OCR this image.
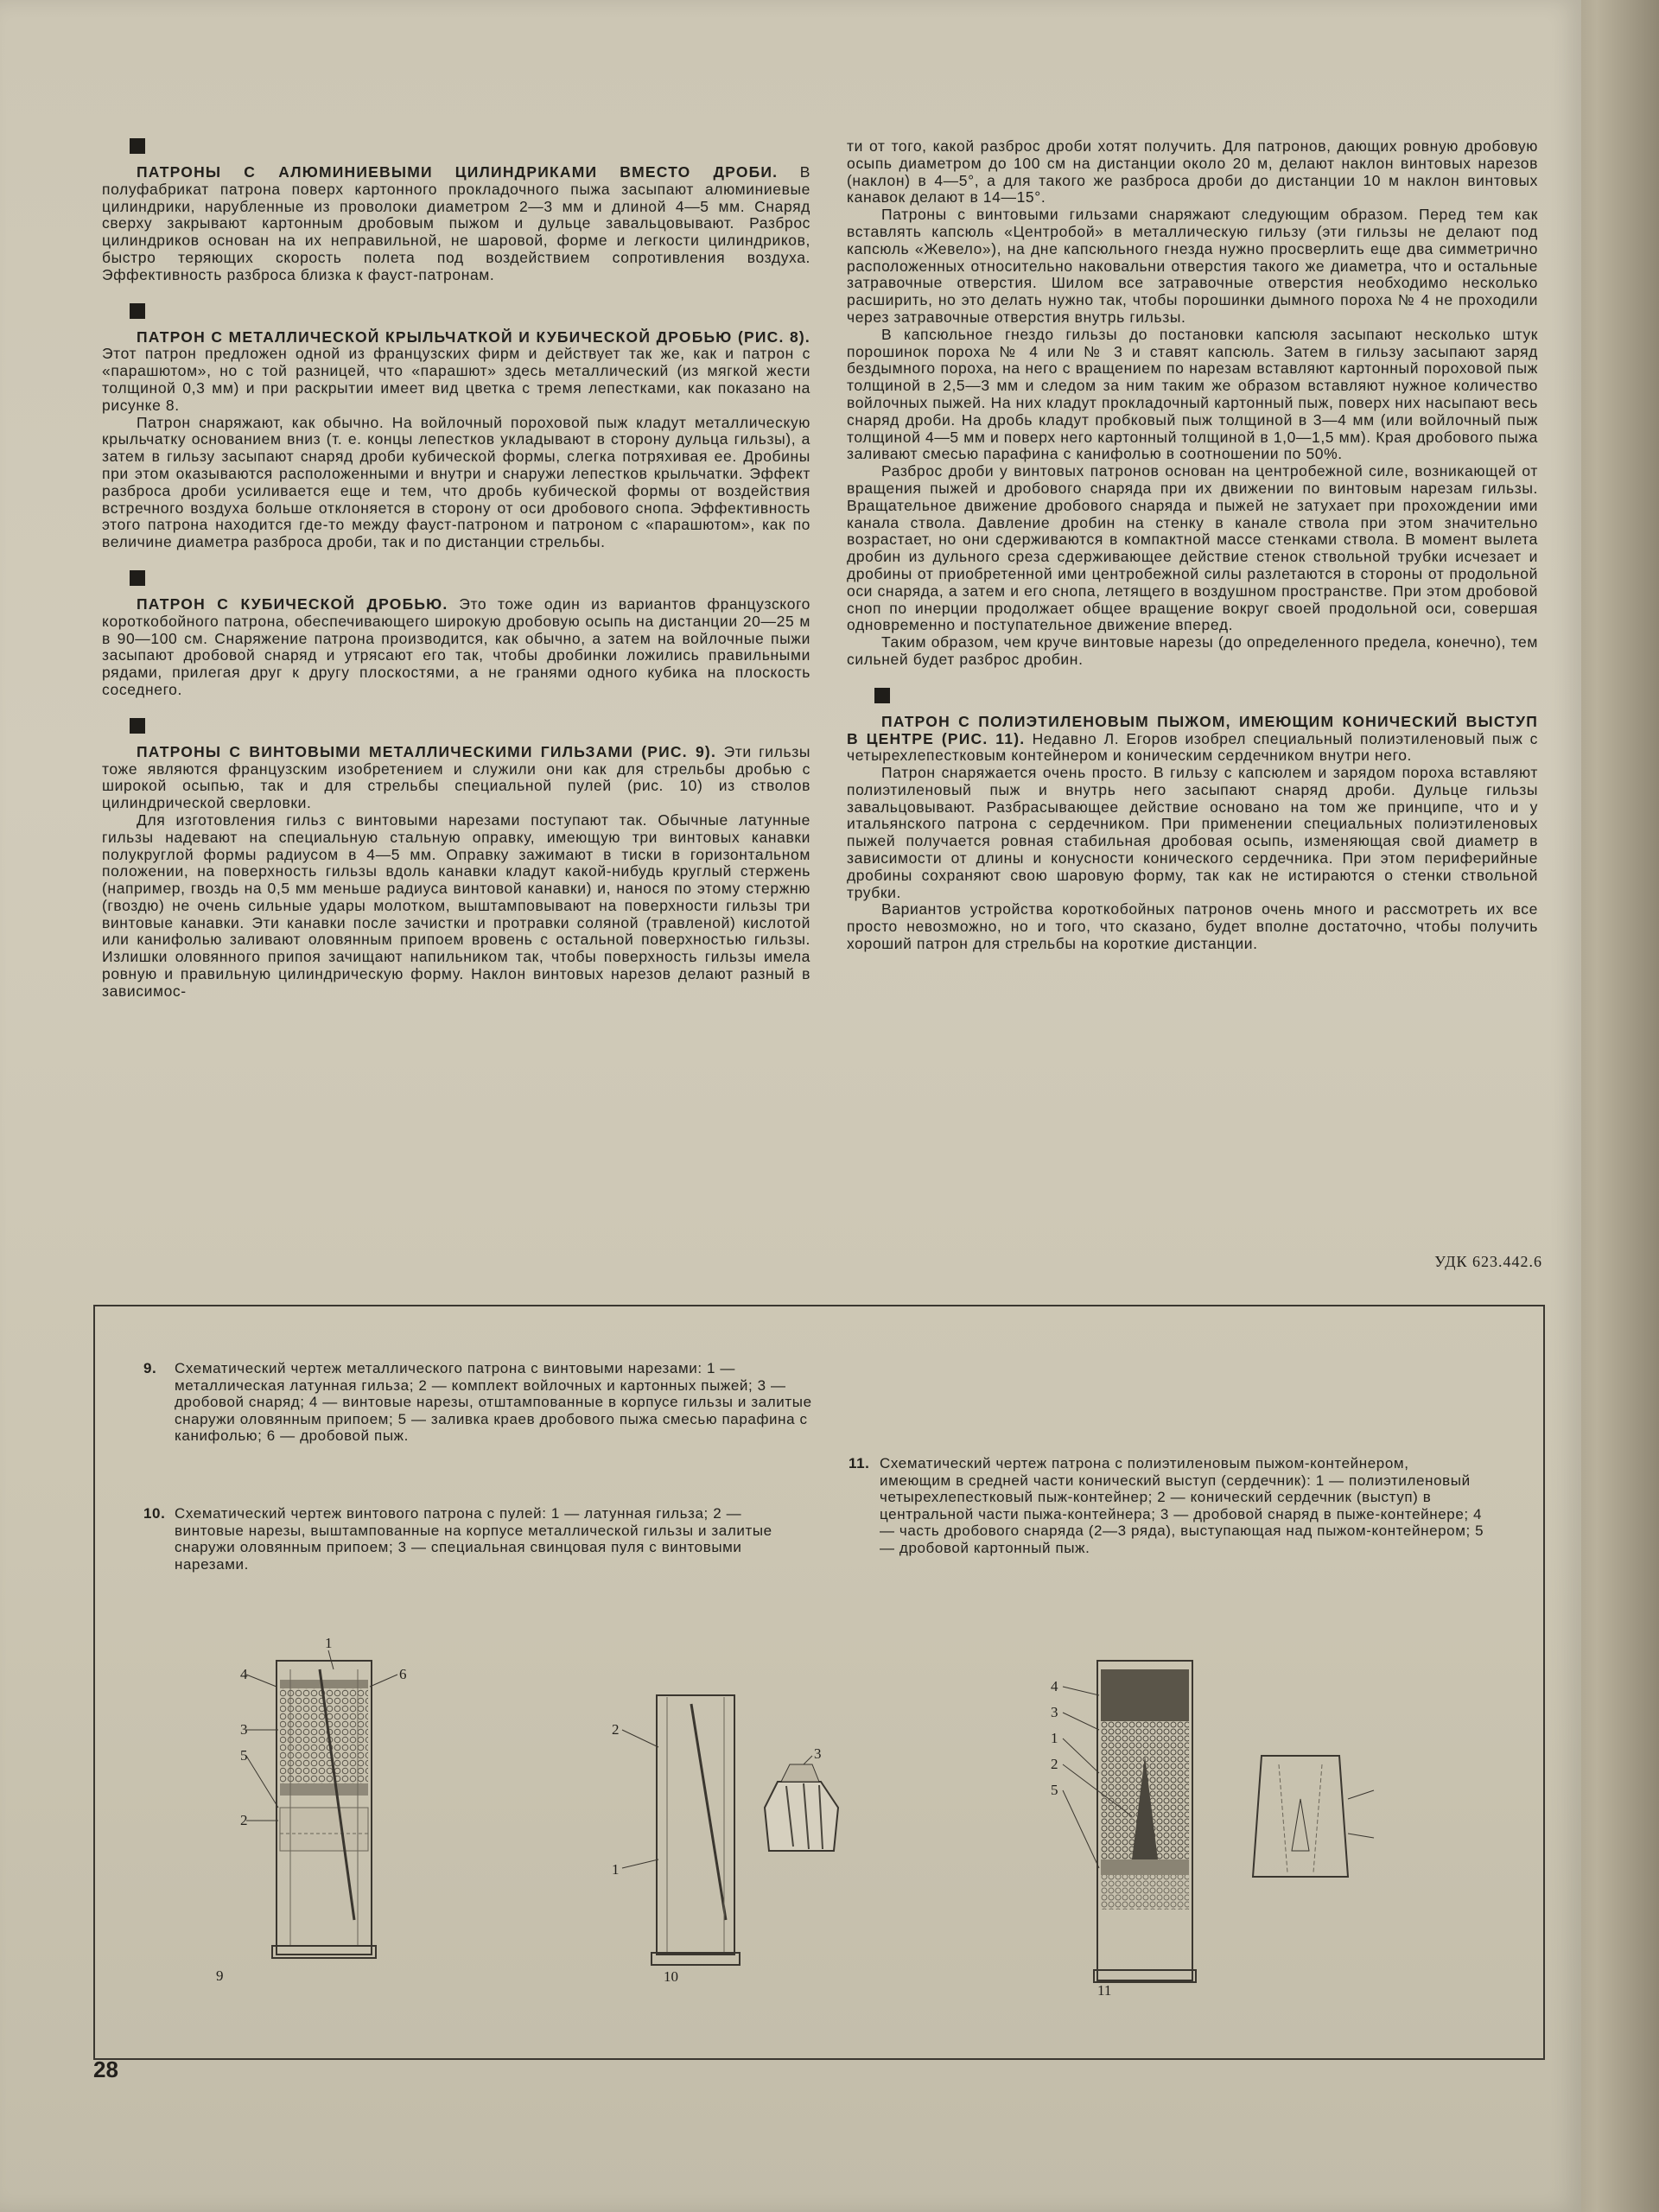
ПАТРОНЫ С АЛЮМИНИЕВЫМИ ЦИЛИНДРИКАМИ ВМЕСТО ДРОБИ. В полуфабрикат патрона поверх картонного прокладочного пыжа засыпают алюминиевые цилиндрики, нарубленные из проволоки диаметром 2—3 мм и длиной 4—5 мм. Снаряд сверху закрывают картонным дробовым пыжом и дульце завальцовывают. Разброс цилиндриков основан на их неправильной, не шаровой, форме и легкости цилиндриков, быстро теряющих скорость полета под воздействием сопротивления воздуха. Эффективность разброса близка к фауст-патронам.

ПАТРОН С МЕТАЛЛИЧЕСКОЙ КРЫЛЬЧАТКОЙ И КУБИЧЕСКОЙ ДРОБЬЮ (РИС. 8). Этот патрон предложен одной из французских фирм и действует так же, как и патрон с «парашютом», но с той разницей, что «парашют» здесь металлический (из мягкой жести толщиной 0,3 мм) и при раскрытии имеет вид цветка с тремя лепестками, как показано на рисунке 8.

Патрон снаряжают, как обычно. На войлочный пороховой пыж кладут металлическую крыльчатку основанием вниз (т. е. концы лепестков укладывают в сторону дульца гильзы), а затем в гильзу засыпают снаряд дроби кубической формы, слегка потряхивая ее. Дробины при этом оказываются расположенными и внутри и снаружи лепестков крыльчатки. Эффект разброса дроби усиливается еще и тем, что дробь кубической формы от воздействия встречного воздуха больше отклоняется в сторону от оси дробового снопа. Эффективность этого патрона находится где-то между фауст-патроном и патроном с «парашютом», как по величине диаметра разброса дроби, так и по дистанции стрельбы.

ПАТРОН С КУБИЧЕСКОЙ ДРОБЬЮ. Это тоже один из вариантов французского короткобойного патрона, обеспечивающего широкую дробовую осыпь на дистанции 20—25 м в 90—100 см. Снаряжение патрона производится, как обычно, а затем на войлочные пыжи засыпают дробовой снаряд и утрясают его так, чтобы дробинки ложились правильными рядами, прилегая друг к другу плоскостями, а не гранями одного кубика на плоскость соседнего.

ПАТРОНЫ С ВИНТОВЫМИ МЕТАЛЛИЧЕСКИМИ ГИЛЬЗАМИ (РИС. 9). Эти гильзы тоже являются французским изобретением и служили они как для стрельбы дробью с широкой осыпью, так и для стрельбы специальной пулей (рис. 10) из стволов цилиндрической сверловки.

Для изготовления гильз с винтовыми нарезами поступают так. Обычные латунные гильзы надевают на специальную стальную оправку, имеющую три винтовых канавки полукруглой формы радиусом в 4—5 мм. Оправку зажимают в тиски в горизонтальном положении, на поверхность гильзы вдоль канавки кладут какой-нибудь круглый стержень (например, гвоздь на 0,5 мм меньше радиуса винтовой канавки) и, нанося по этому стержню (гвоздю) не очень сильные удары молотком, выштамповывают на поверхности гильзы три винтовые канавки. Эти канавки после зачистки и протравки соляной (травленой) кислотой или канифолью заливают оловянным припоем вровень с остальной поверхностью гильзы. Излишки оловянного припоя зачищают напильником так, чтобы поверхность гильзы имела ровную и правильную цилиндрическую форму. Наклон винтовых нарезов делают разный в зависимос-

ти от того, какой разброс дроби хотят получить. Для патронов, дающих ровную дробовую осыпь диаметром до 100 см на дистанции около 20 м, делают наклон винтовых нарезов (наклон) в 4—5°, а для такого же разброса дроби до дистанции 10 м наклон винтовых канавок делают в 14—15°.

Патроны с винтовыми гильзами снаряжают следующим образом. Перед тем как вставлять капсюль «Центробой» в металлическую гильзу (эти гильзы не делают под капсюль «Жевело»), на дне капсюльного гнезда нужно просверлить еще два симметрично расположенных относительно наковальни отверстия такого же диаметра, что и остальные затравочные отверстия. Шилом все затравочные отверстия необходимо несколько расширить, но это делать нужно так, чтобы порошинки дымного пороха № 4 не проходили через затравочные отверстия внутрь гильзы.

В капсюльное гнездо гильзы до постановки капсюля засыпают несколько штук порошинок пороха № 4 или № 3 и ставят капсюль. Затем в гильзу засыпают заряд бездымного пороха, на него с вращением по нарезам вставляют картонный пороховой пыж толщиной в 2,5—3 мм и следом за ним таким же образом вставляют нужное количество войлочных пыжей. На них кладут прокладочный картонный пыж, поверх них насыпают весь снаряд дроби. На дробь кладут пробковый пыж толщиной в 3—4 мм (или войлочный пыж толщиной 4—5 мм и поверх него картонный толщиной в 1,0—1,5 мм). Края дробового пыжа заливают смесью парафина с канифолью в соотношении по 50%.

Разброс дроби у винтовых патронов основан на центробежной силе, возникающей от вращения пыжей и дробового снаряда при их движении по винтовым нарезам гильзы. Вращательное движение дробового снаряда и пыжей не затухает при прохождении ими канала ствола. Давление дробин на стенку в канале ствола при этом значительно возрастает, но они сдерживаются в компактной массе стенками ствола. В момент вылета дробин из дульного среза сдерживающее действие стенок ствольной трубки исчезает и дробины от приобретенной ими центробежной силы разлетаются в стороны от продольной оси снаряда, а затем и его снопа, летящего в воздушном пространстве. При этом дробовой сноп по инерции продолжает общее вращение вокруг своей продольной оси, совершая одновременно и поступательное движение вперед.

Таким образом, чем круче винтовые нарезы (до определенного предела, конечно), тем сильней будет разброс дробин.

ПАТРОН С ПОЛИЭТИЛЕНОВЫМ ПЫЖОМ, ИМЕЮЩИМ КОНИЧЕСКИЙ ВЫСТУП В ЦЕНТРЕ (РИС. 11). Недавно Л. Егоров изобрел специальный полиэтиленовый пыж с четырехлепестковым контейнером и коническим сердечником внутри него.

Патрон снаряжается очень просто. В гильзу с капсюлем и зарядом пороха вставляют полиэтиленовый пыж и внутрь него засыпают снаряд дроби. Дульце гильзы завальцовывают. Разбрасывающее действие основано на том же принципе, что и у итальянского патрона с сердечником. При применении специальных полиэтиленовых пыжей получается ровная стабильная дробовая осыпь, изменяющая свой диаметр в зависимости от длины и конусности конического сердечника. При этом периферийные дробины сохраняют свою шаровую форму, так как не истираются о стенки ствольной трубки.

Вариантов устройства короткобойных патронов очень много и рассмотреть их все просто невозможно, но и того, что сказано, будет вполне достаточно, чтобы получить хороший патрон для стрельбы на короткие дистанции.

УДК 623.442.6
9. Схематический чертеж металлического патрона с винтовыми нарезами: 1 — металлическая латунная гильза; 2 — комплект войлочных и картонных пыжей; 3 — дробовой снаряд; 4 — винтовые нарезы, отштампованные в корпусе гильзы и залитые снаружи оловянным припоем; 5 — заливка краев дробового пыжа смесью парафина с канифолью; 6 — дробовой пыж.
10. Схематический чертеж винтового патрона с пулей: 1 — латунная гильза; 2 — винтовые нарезы, выштампованные на корпусе металлической гильзы и залитые снаружи оловянным припоем; 3 — специальная свинцовая пуля с винтовыми нарезами.
11. Схематический чертеж патрона с полиэтиленовым пыжом-контейнером, имеющим в средней части конический выступ (сердечник): 1 — полиэтиленовый четырехлепестковый пыж-контейнер; 2 — конический сердечник (выступ) в центральной части пыжа-контейнера; 3 — дробовой снаряд в пыже-контейнере; 4 — часть дробового снаряда (2—3 ряда), выступающая над пыжом-контейнером; 5 — дробовой картонный пыж.
4
3
5
2
6
1
9
1
2
3
10
4
3
1
2
5
11
28
